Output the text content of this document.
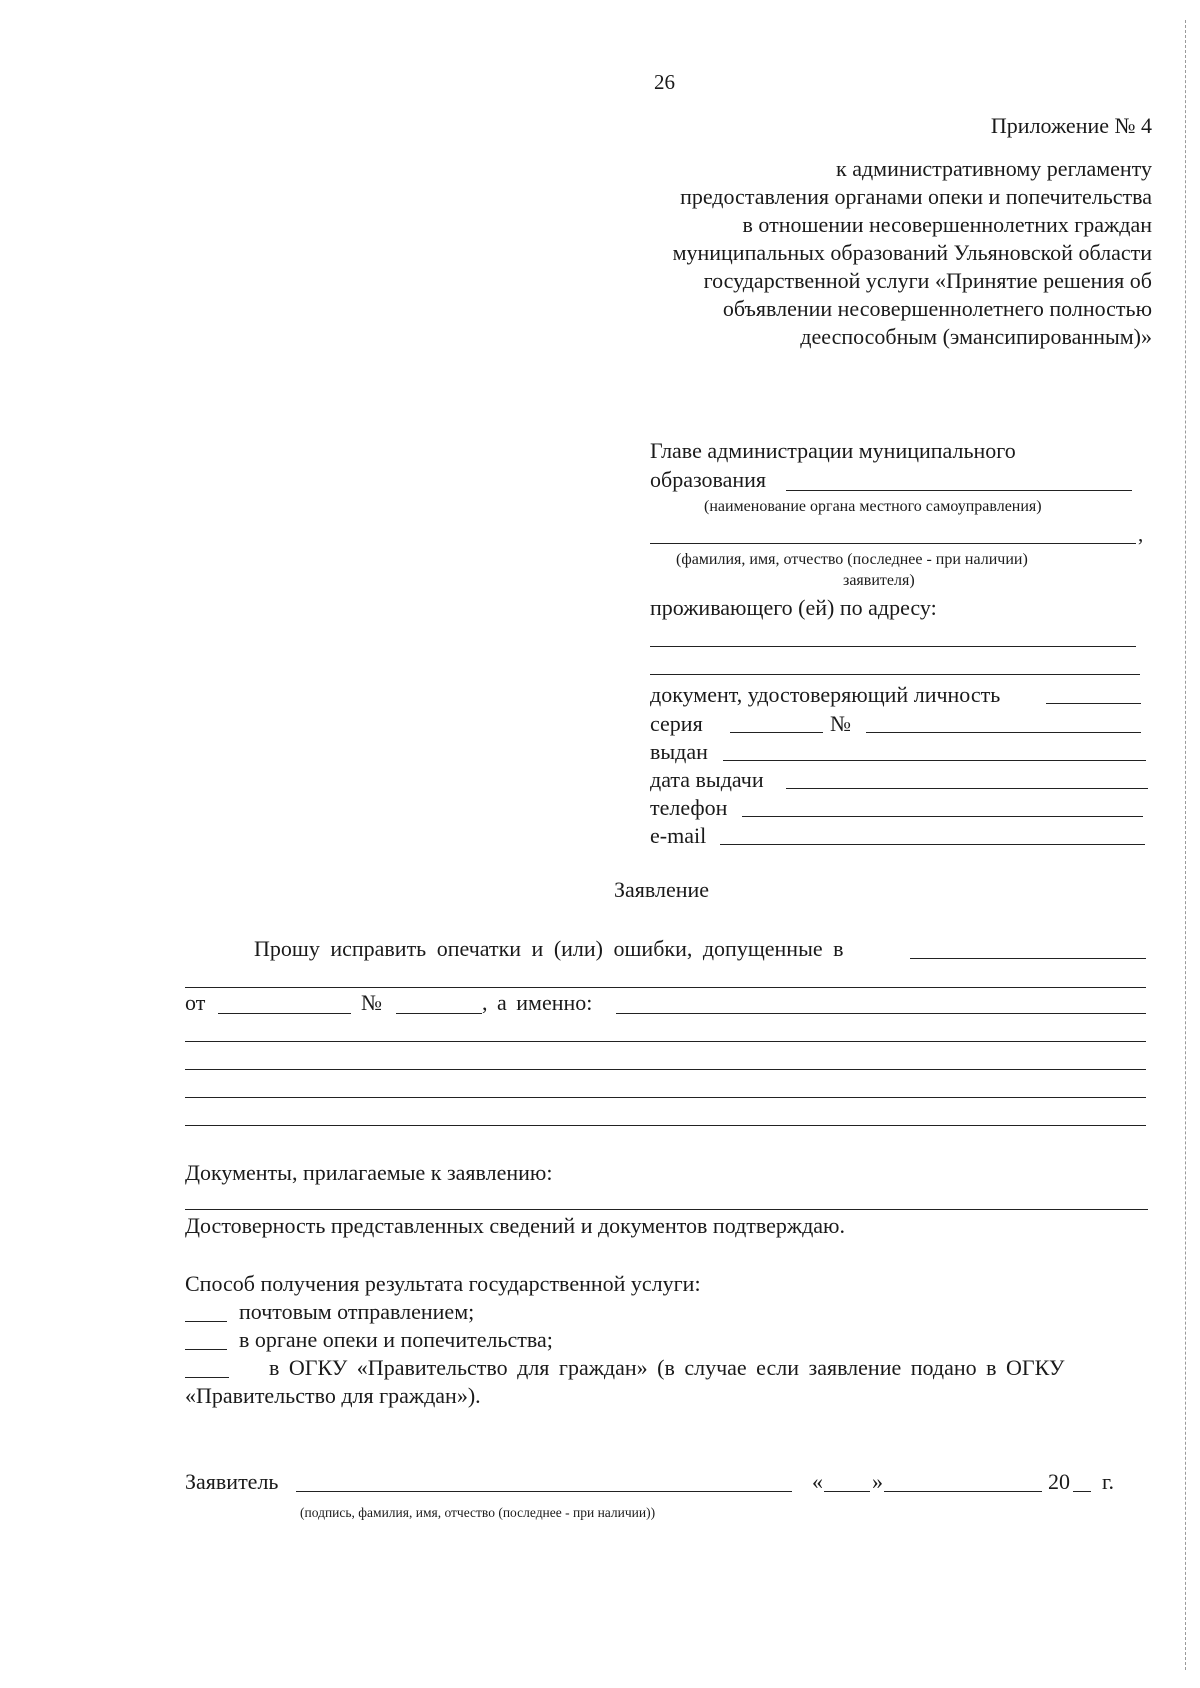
26
Приложение № 4
к административному регламенту
предоставления органами опеки и попечительства
в отношении несовершеннолетних граждан
муниципальных образований Ульяновской области
государственной услуги «Принятие решения об
объявлении несовершеннолетнего полностью
дееспособным (эмансипированным)»
Главе администрации муниципального
образования
(наименование органа местного самоуправления)
,
(фамилия, имя, отчество (последнее - при наличии)
заявителя)
проживающего (ей) по адресу:
документ, удостоверяющий личность
серия	№
выдан
дата выдачи
телефон
e-mail
Заявление
Прошу исправить опечатки и (или) ошибки, допущенные в
от	№	, а именно:
Документы, прилагаемые к заявлению:
Достоверность представленных сведений и документов подтверждаю.
Способ получения результата государственной услуги:
почтовым отправлением;
в органе опеки и попечительства;
в ОГКУ «Правительство для граждан» (в случае если заявление подано в ОГКУ
«Правительство для граждан»).
Заявитель	« »	20 г.
(подпись, фамилия, имя, отчество (последнее - при наличии))
